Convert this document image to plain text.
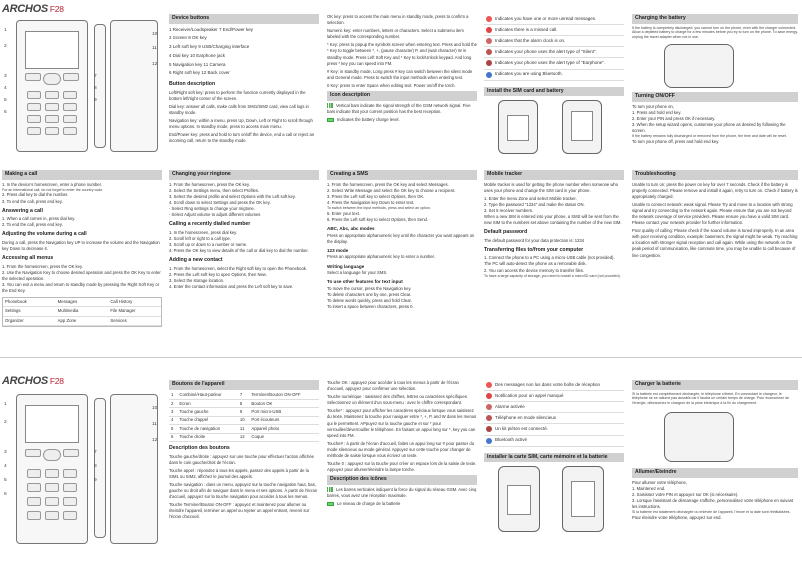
ARCHOS F28
1
2
3
4
5
6
7
8
9
10
11
12
Device buttons
1 Receiver/Loudspeaker 7 End/Power key
2 Screen 8 OK key
3 Left soft key 9 USB/Charging interface
4 Dial key 10 Earphone jack
5 Navigation key 11 Camera
6 Right soft key 12 Back cover
Button description

Left/Right soft key: press to perform the function currently displayed in the bottom left/right corner of the screen.

Dial key: answer all calls, make calls from SIM1/SIM2 card, view call logs in standby mode.

Navigation key: within a menu, press Up, Down, Left or Right to scroll through menu options. In standby mode, press to access main menu.

End/Power key: press and hold to turn on/off the device, end a call or reject an incoming call, return to the standby mode.

OK key: press to access the main menu in standby mode, press to confirm a selection.

Numeric key: enter numbers, letters or characters. Select a submenu item labeled with the corresponding number.

* Key: press to popup the symbols screen when entering text. Press and hold the * Key to toggle between *, +, (pause character) P, and (wait character) W in standby mode. Press Left Soft Key and * Key to lock/Unlock keypad. And long press * key you can speed into FM.

# Key: in standby mode, Long press # key can switch between the silent mode and General mode. Press to switch the input methods when entering text.

0 Key: press to enter Space when editing text. Power on/off the torch.

Icon description

Vertical bars indicate the signal strength of the GSM network signal. Five bars indicate that your current position has the best reception.

Indicates the battery charge level.

Indicates you have one or more unread messages.
Indicates there is a missed call.
Indicates that the alarm clock is on.
Indicates your phone uses the alert type of "Silent".
Indicates your phone uses the alert type of "Earphone".
Indicates you are using Bluetooth.
Install the SIM card and battery
Charging the battery
If the battery is completely discharged, you cannot turn on the phone, even with the charger connected. Allow a depleted battery to charge for a few minutes before you try to turn on the phone. To save energy, unplug the travel adapter when not in use.
Turning ON/OFF
To turn your phone on,
1. Press and hold end key.
2. Enter your PIN and press OK if necessary.
3. When the setup wizard opens, customise your phone as desired by following the screen.
If the battery remains fully discharged or removed from the phone, the time and date will be reset.
To turn your phone off, press and hold end key.
Making a call
1. In the device's homescreen, enter a phone number.
For an international call, do not forget to enter the country code.
2. Press dial key to dial the number.
3. To end the call, press end key.
Answering a call
1. When a call comes in, press dial key.
2. To end the call, press end key.
Adjusting the volume during a call

During a call, press the Navigation key UP to increase the volume and the Navigation key Down to decrease it.

Accessing all menus
1. From the homescreen, press the OK key.
2. Use the Navigation Key to choose desired operation and press the OK Key to enter the selected operation.
3. You can exit a menu and return to standby mode by pressing the Right Soft Key or the End Key.
Phonebook	Messages	Call History
Settings	Multimedia	File Manager
Organizer	App Zone	Services
Changing your ringtone
1. From the homescreen, press the OK key.
2. Select the Settings menu, then select Profiles.
3. Select the desired profile and select Options with the Left soft key.
4. Scroll down to select Settings and press the OK key.
- Select Ring settings to change your ringtone.
- Select Adjust volume to adjust different volumes
Calling a recently dialled number
1. In the homescreen, press dial key.
2. Scroll left or right to a call type.
3. Scroll up or down to a number or name.
4. Press the OK key to view details of the call or dial key to dial the number.
Adding a new contact
1. From the homescreen, select the Right soft key to open the Phonebook.
2. Press the Left soft key to open Options, then New.
3. Select the storage location.
4. Enter the contact information and press the Left soft key to save.
Creating a SMS
1. From the homescreen, press the OK key and select Messages.
2. Select Write Message and select the OK key to choose a recipient.
3. Press the Left soft key to select Options, then OK.
4. Press the Navigation key Down to enter text.
To switch between the input methods, press and select an option.
5. Enter your text.
6. Press the Left soft key to select Options, then Send.
ABC, Abc, abc modes
Press an appropriate alphanumeric key until the character you want appears on the display.
123 mode
Press an appropriate alphanumeric key to enter a number.
Writing language
Select a language for your SMS.
To use other features for text input
To move the cursor, press the Navigation key.
To delete characters one by one, press Clear.
To delete words quickly, press and hold Clear.
To insert a space between characters, press 0.
Mobile tracker

Mobile tracker is used for getting the phone number when someone who uses your phone and change the SIM card in your phone.

1. Enter the menu Zone and select Mobile tracker.
2. Type the password "1234" and make the status ON.
3. Set 5 receiver numbers.

When a new SIM is entered into your phone, a SMS will be sent from the new SIM to the numbers set above containing the number of the new SIM.

Default password

The default password for your data protection is: 1234

Transferring files to/from your computer
1. Connect the phone to a PC using a micro-USB cable (not provided).
The PC will auto-detect the phone as a removable disk.
2. You can access the device memory to transfer files.
To have a large capacity of storage, you need to install a microSD card (not provided).
Troubleshooting

Unable to turn on: press the power on key for over 7 seconds. Check if the battery is properly connected. Please remove and install it again, retry to turn on. Check if battery is appropriately charged.

Unable to connect network: weak signal. Please Try and move to a location with strong signal and try connecting to the network again. Please ensure that you are not beyond the network coverage of service providers. Please ensure you have a valid SIM card. Please contact your network provider for further information.

Poor quality of calling: Please check if the sound volume is tuned improperly. In an area with poor receiving condition, example: basement, the signal might be weak. Try reaching a location with stronger signal reception and call again. While using the network on the peak period of communication, like commute time, you may be unable to call because of line congestion.

ARCHOS F28
1
2
3
4
5
6
7
8
9
10
11
12
Boutons de l'appareil
1	Combiné/Haut-parleur	7	Terminer/Bouton ON-OFF
2	Ecran	8	Bouton OK
3	Touche gauche	9	Port micro-USB
4	Touche d'appel	10	Port écouteurs
5	Touche de navigation	11	Appareil photo
6	Touche droite	12	Coque
Description des boutons

Touche gauche/droite : appuyez sur une touche pour effectuer l'action affichée dans le coin gauche/droit de l'écran.

Touche appel : répondez à tous les appels, passez des appels à partir de la SIM1 ou SIM2, affichez le journal des appels.

Touche navigation : dans un menu, appuyez sur la touche navigation haut, bas, gauche ou droit afin de naviguer dans le menu et ses options. À partir de l'écran d'accueil, appuyez sur la touche navigation pour accéder à tous les menus.

Touche Terminer/Bouton ON-OFF : appuyez et maintenez pour allumer ou éteindre l'appareil, terminer un appel ou rejeter un appel entrant, revenir sur l'écran d'accueil.

Touche OK : appuyez pour accéder à tous les menus à partir de l'écran d'accueil, appuyez pour confirmer une sélection.

Touche numérique : saisissez des chiffres, lettres ou caractères spécifiques. Sélectionnez un élément d'un sous-menu : avec le chiffre correspondant.

Touche* : appuyez pour afficher les caractères spéciaux lorsque vous saisissez du texte. Maintenez la touche pour naviguer entre *, +, P, and W dans les menus qui le permettent. APpuyez sur la touche gauche et sur * pour verrouiller/déverrouiller le téléphone. En faisant un appui long sur *, key you can speed into FM.

Touche# : à partir de l'écran d'accueil, faites un appui long sur # pour passer du mode silencieux au mode général. Appuyez sur cette touche pour changer de méthode de saisie lorsque vous écrivez un texte.

Touche 0 : appuyez sur la touche pour créer un espace lors de la saisie de texte. Appuyez pour allumer/éteindre la lampe torche.

Description des icônes

Les barres verticales indiquent la force du signal du réseau GSM. Avec cinq barres, vous avez une réception maximale.

Le niveau de charge de la batterie

Des messages non lus dans votre boîte de réception
Notification pour un appel manqué
Alarme activée
Téléphone en mode silencieux
Un kit piéton est connecté.
Bluetooth activé
Installer la carte SIM, carte mémoire et la batterie
Charger la batterie
Si la batterie est complètement déchargée, le téléphone s'éteint. En connectant le chargeur, le téléphone ne se rallume pas aussitôt car il faudra un certain temps de charge. Pour économiser de l'énergie, débranchez le chargeur de la prise électrique à la fin du chargement.
Allumer/Eteindre
Pour allumer votre téléphone,
1. Maintenez end.
2. Saisissez votre PIN et appuyez sur OK (si nécessaire).
3. Lorsque l'assistant de démarrage s'affiche, personnalisez votre téléphone en suivant les instructions.
Si la batterie est totalement déchargée ou enlevée de l'appareil, l'heure et la date sont réinitialisées.
Pour éteindre votre téléphone, appuyez sur end.
